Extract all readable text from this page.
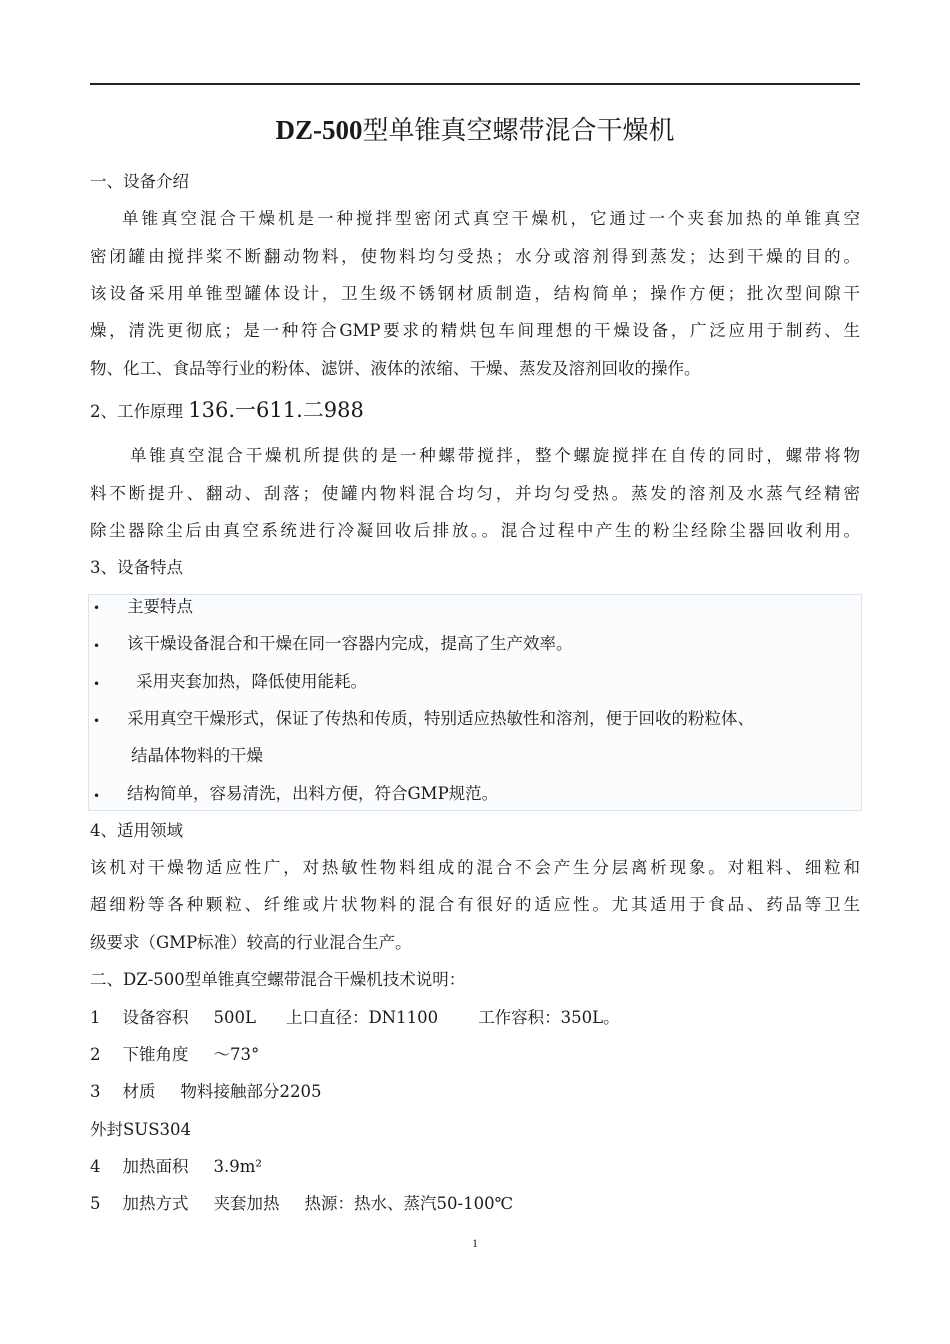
DZ-500型单锥真空螺带混合干燥机
一、设备介绍
单锥真空混合干燥机是一种搅拌型密闭式真空干燥机，它通过一个夹套加热的单锥真空
密闭罐由搅拌桨不断翻动物料，使物料均匀受热；水分或溶剂得到蒸发；达到干燥的目的。
该设备采用单锥型罐体设计，卫生级不锈钢材质制造，结构简单；操作方便；批次型间隙干
燥，清洗更彻底；是一种符合GMP要求的精烘包车间理想的干燥设备，广泛应用于制药、生
物、化工、食品等行业的粉体、滤饼、液体的浓缩、干燥、蒸发及溶剂回收的操作。
2、工作原理 136.一611.二988
单锥真空混合干燥机所提供的是一种螺带搅拌，整个螺旋搅拌在自传的同时，螺带将物
料不断提升、翻动、刮落；使罐内物料混合均匀，并均匀受热。蒸发的溶剂及水蒸气经精密
除尘器除尘后由真空系统进行冷凝回收后排放。。混合过程中产生的粉尘经除尘器回收利用。
3、设备特点
• 主要特点
• 该干燥设备混合和干燥在同一容器内完成，提高了生产效率。
• 采用夹套加热，降低使用能耗。
• 采用真空干燥形式，保证了传热和传质，特别适应热敏性和溶剂，便于回收的粉粒体、
结晶体物料的干燥
• 结构简单，容易清洗，出料方便，符合GMP规范。
4、适用领域
该机对干燥物适应性广，对热敏性物料组成的混合不会产生分层离析现象。对粗料、细粒和
超细粉等各种颗粒、纤维或片状物料的混合有很好的适应性。尤其适用于食品、药品等卫生
级要求（GMP标准）较高的行业混合生产。
二、DZ-500型单锥真空螺带混合干燥机技术说明：
1 设备容积 500L 上口直径：DN1100 工作容积：350L。
2 下锥角度 ～73°
3 材质 物料接触部分2205
外封SUS304
4 加热面积 3.9m²
5 加热方式 夹套加热 热源：热水、蒸汽50-100℃
1
